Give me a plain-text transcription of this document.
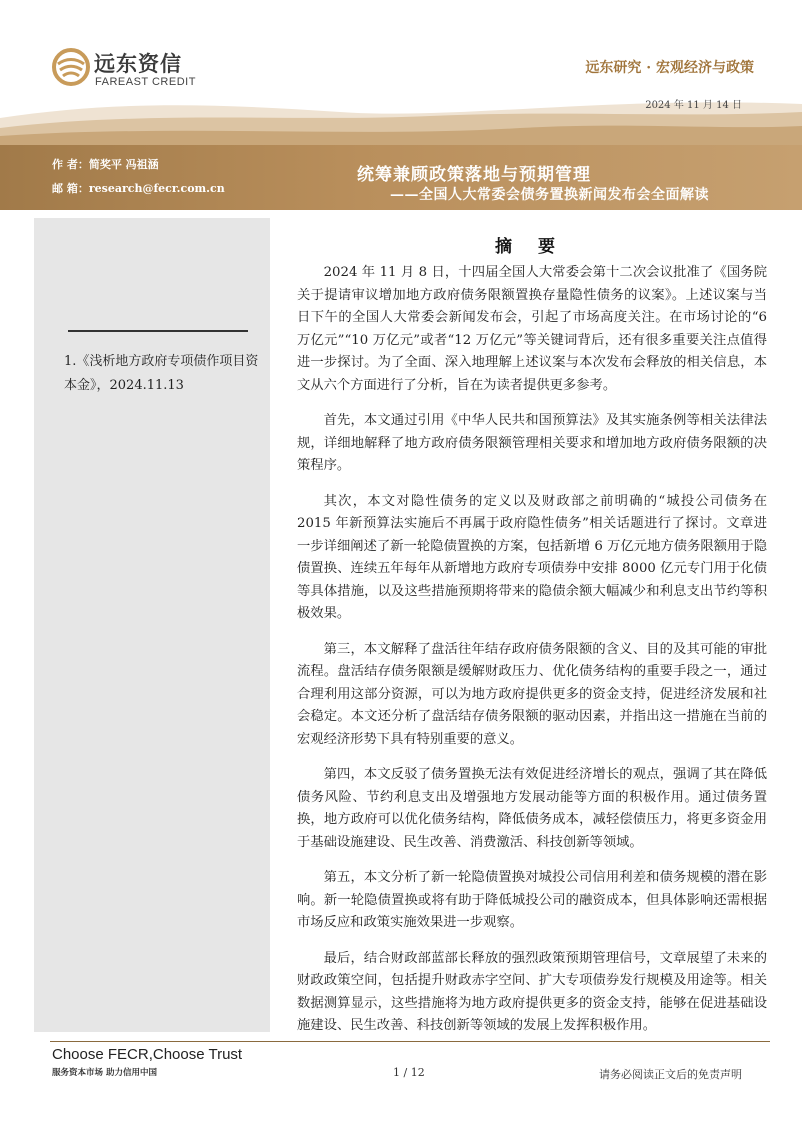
远东资信
FAREAST CREDIT
远东研究 · 宏观经济与政策
2024 年 11 月 14 日
作 者：简奖平 冯祖涵
邮 箱：research@fecr.com.cn
统筹兼顾政策落地与预期管理
——全国人大常委会债务置换新闻发布会全面解读
1.《浅析地方政府专项债作项目资本金》，2024.11.13
摘 要

2024 年 11 月 8 日，十四届全国人大常委会第十二次会议批准了《国务院关于提请审议增加地方政府债务限额置换存量隐性债务的议案》。上述议案与当日下午的全国人大常委会新闻发布会，引起了市场高度关注。在市场讨论的“6 万亿元”“10 万亿元”或者“12 万亿元”等关键词背后，还有很多重要关注点值得进一步探讨。为了全面、深入地理解上述议案与本次发布会释放的相关信息，本文从六个方面进行了分析，旨在为读者提供更多参考。

首先，本文通过引用《中华人民共和国预算法》及其实施条例等相关法律法规，详细地解释了地方政府债务限额管理相关要求和增加地方政府债务限额的决策程序。

其次，本文对隐性债务的定义以及财政部之前明确的“城投公司债务在 2015 年新预算法实施后不再属于政府隐性债务”相关话题进行了探讨。文章进一步详细阐述了新一轮隐债置换的方案，包括新增 6 万亿元地方债务限额用于隐债置换、连续五年每年从新增地方政府专项债券中安排 8000 亿元专门用于化债等具体措施，以及这些措施预期将带来的隐债余额大幅减少和利息支出节约等积极效果。

第三，本文解释了盘活往年结存政府债务限额的含义、目的及其可能的审批流程。盘活结存债务限额是缓解财政压力、优化债务结构的重要手段之一，通过合理利用这部分资源，可以为地方政府提供更多的资金支持，促进经济发展和社会稳定。本文还分析了盘活结存债务限额的驱动因素，并指出这一措施在当前的宏观经济形势下具有特别重要的意义。

第四，本文反驳了债务置换无法有效促进经济增长的观点，强调了其在降低债务风险、节约利息支出及增强地方发展动能等方面的积极作用。通过债务置换，地方政府可以优化债务结构，降低债务成本，减轻偿债压力，将更多资金用于基础设施建设、民生改善、消费激活、科技创新等领域。

第五，本文分析了新一轮隐债置换对城投公司信用利差和债务规模的潜在影响。新一轮隐债置换或将有助于降低城投公司的融资成本，但具体影响还需根据市场反应和政策实施效果进一步观察。

最后，结合财政部蓝部长释放的强烈政策预期管理信号，文章展望了未来的财政政策空间，包括提升财政赤字空间、扩大专项债券发行规模及用途等。相关数据测算显示，这些措施将为地方政府提供更多的资金支持，能够在促进基础设施建设、民生改善、科技创新等领域的发展上发挥积极作用。

Choose FECR,Choose Trust
服务资本市场 助力信用中国	1 / 12	请务必阅读正文后的免责声明
